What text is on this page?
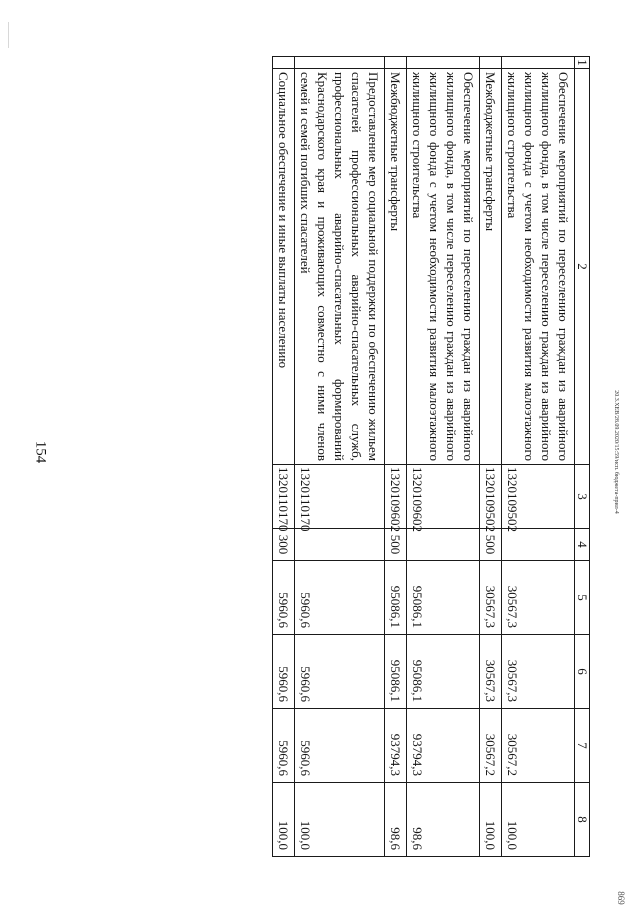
154	20.3.XEB/28.09.2020/15:59/исп. бюджета-прил-4
869
1	2	3	4	5	6	7	8
	Обеспечение мероприятий по переселению граждан из аварийного жилищного фонда, в том числе переселению граждан из аварийного жилищного фонда с учетом необходимости развития малоэтажного жилищного строительства	1320109502		30567,3	30567,3	30567,2	100,0
	Межбюджетные трансферты	1320109502	500	30567,3	30567,3	30567,2	100,0
	Обеспечение мероприятий по переселению граждан из аварийного жилищного фонда, в том числе переселению граждан из аварийного жилищного фонда с учетом необходимости развития малоэтажного жилищного строительства	1320109602		95086,1	95086,1	93794,3	98,6
	Межбюджетные трансферты	1320109602	500	95086,1	95086,1	93794,3	98,6
	Предоставление мер социальной поддержки по обеспечению жильем спасателей профессиональных аварийно-спасательных служб, профессиональных аварийно-спасательных формирований Краснодарского края и проживающих совместно с ними членов семей и семей погибших спасателей	1320110170		5960,6	5960,6	5960,6	100,0
	Социальное обеспечение и иные выплаты населению	1320110170	300	5960,6	5960,6	5960,6	100,0
